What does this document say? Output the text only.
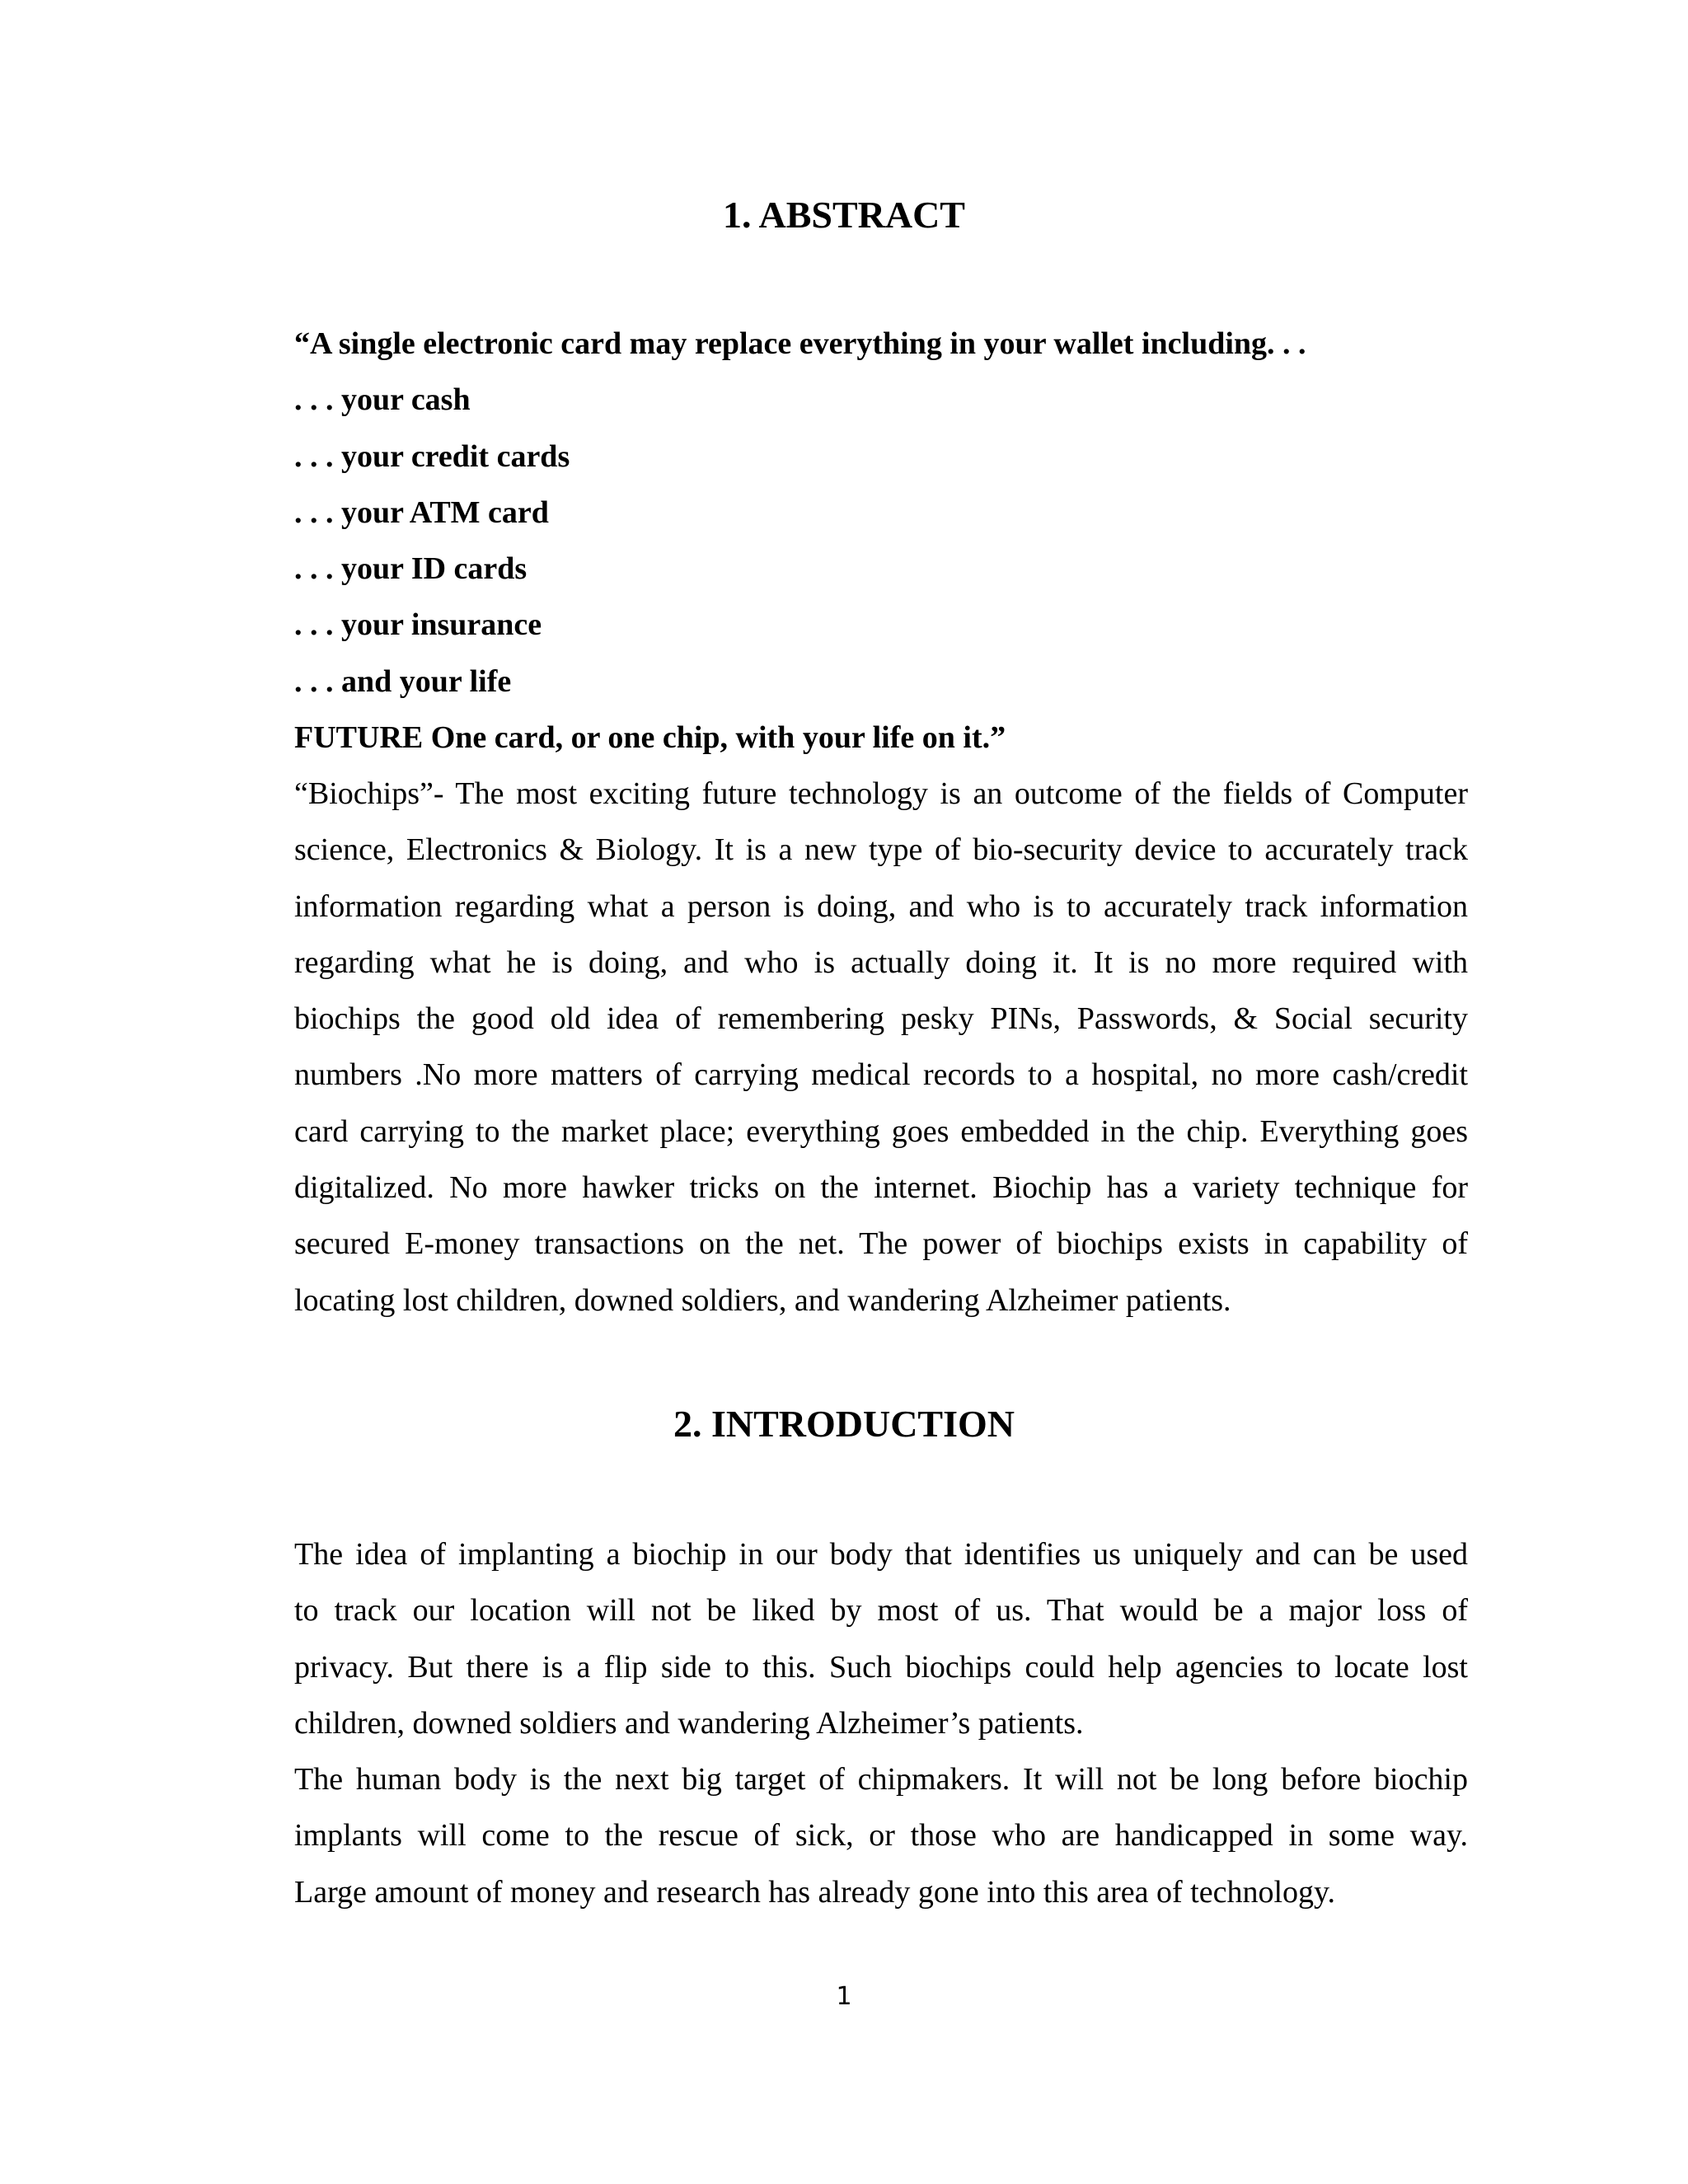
1. ABSTRACT
“A single electronic card may replace everything in your wallet including. . .
. . . your cash
. . . your credit cards
. . . your ATM card
. . . your ID cards
. . . your insurance
. . . and your life
FUTURE One card, or one chip, with your life on it.”
“Biochips”- The most exciting future technology is an outcome of the fields of Computer
science, Electronics & Biology. It is a new type of bio-security device to accurately track
information regarding what a person is doing, and who is to accurately track information
regarding what he is doing, and who is actually doing it. It is no more required with
biochips the good old idea of remembering pesky PINs, Passwords, & Social security
numbers .No more matters of carrying medical records to a hospital, no more cash/credit
card carrying to the market place; everything goes embedded in the chip. Everything goes
digitalized. No more hawker tricks on the internet. Biochip has a variety technique for
secured E-money transactions on the net. The power of biochips exists in capability of
locating lost children, downed soldiers, and wandering Alzheimer patients.
2. INTRODUCTION
The idea of implanting a biochip in our body that identifies us uniquely and can be used
to track our location will not be liked by most of us. That would be a major loss of
privacy. But there is a flip side to this. Such biochips could help agencies to locate lost
children, downed soldiers and wandering Alzheimer’s patients.
The human body is the next big target of chipmakers. It will not be long before biochip
implants will come to the rescue of sick, or those who are handicapped in some way.
Large amount of money and research has already gone into this area of technology.
1
